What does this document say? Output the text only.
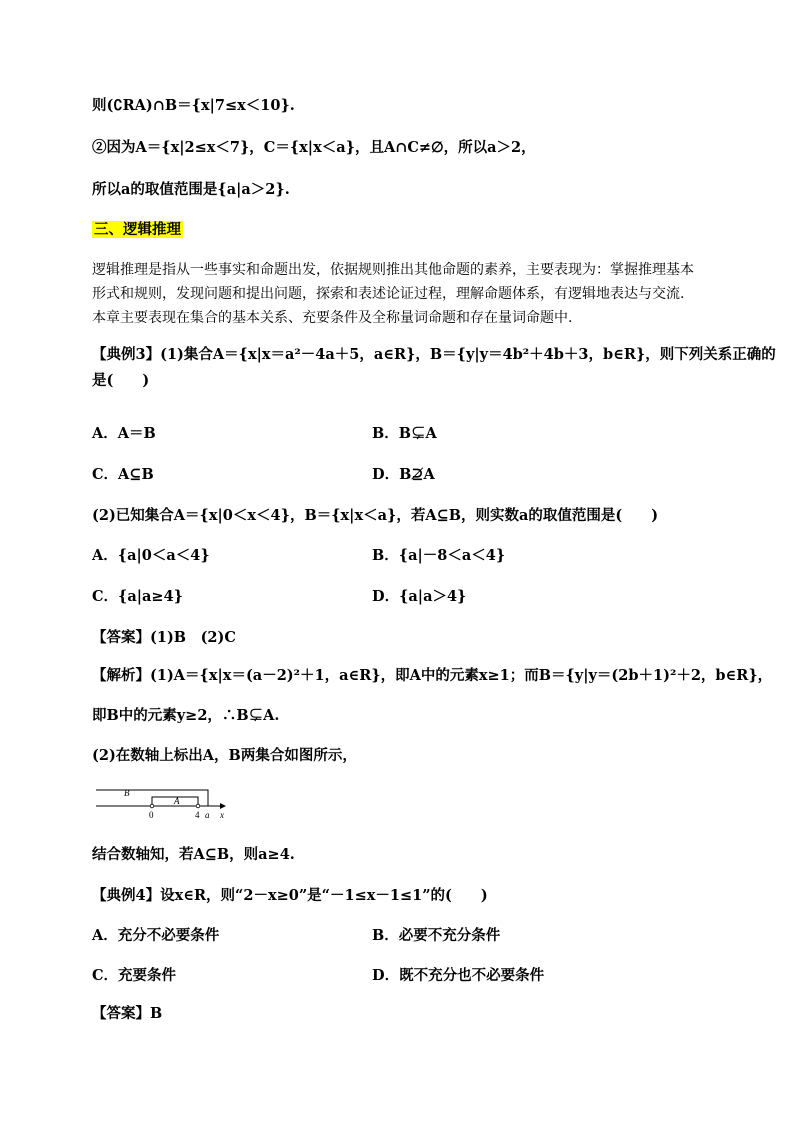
则(∁RA)∩B＝{x|7≤x＜10}.

②因为A＝{x|2≤x＜7}，C＝{x|x＜a}，且A∩C≠∅，所以a＞2，

所以a的取值范围是{a|a＞2}.

三、逻辑推理

逻辑推理是指从一些事实和命题出发，依据规则推出其他命题的素养，主要表现为：掌握推理基本

形式和规则，发现问题和提出问题，探索和表述论证过程，理解命题体系，有逻辑地表达与交流.

本章主要表现在集合的基本关系、充要条件及全称量词命题和存在量词命题中.

【典例3】(1)集合A＝{x|x＝a²－4a＋5，a∈R}，B＝{y|y＝4b²＋4b＋3，b∈R}，则下列关系正确的

是(　　)

A．A＝B	B．B⊊A
C．A⊆B	D．B⊉A

(2)已知集合A＝{x|0＜x＜4}，B＝{x|x＜a}，若A⊆B，则实数a的取值范围是(　　)

A．{a|0＜a＜4}	B．{a|－8＜a＜4}
C．{a|a≥4}	D．{a|a＞4}

【答案】(1)B　(2)C

【解析】(1)A＝{x|x＝(a－2)²＋1，a∈R}，即A中的元素x≥1；而B＝{y|y＝(2b＋1)²＋2，b∈R}，

即B中的元素y≥2，∴B⊊A.

(2)在数轴上标出A，B两集合如图所示，

B
A
0	4 a x

结合数轴知，若A⊆B，则a≥4.

【典例4】设x∈R，则“2－x≥0”是“－1≤x－1≤1”的(　　)

A．充分不必要条件	B．必要不充分条件
C．充要条件	D．既不充分也不必要条件

【答案】B
